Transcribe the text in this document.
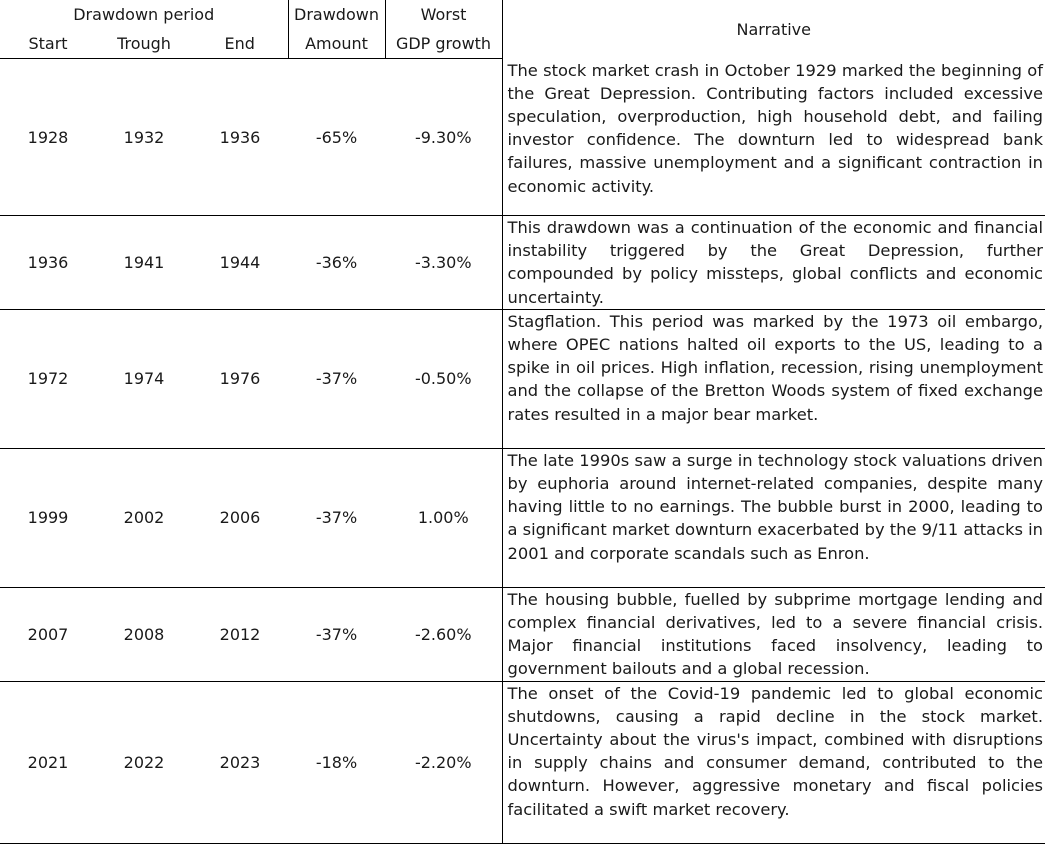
Drawdown period			Drawdown	Worst	Narrative
Start	Trough	End	Amount	GDP growth	
1928	1932	1936	-65%	-9.30%	The stock market crash in October 1929 marked the beginning of the Great Depression. Contributing factors included excessive speculation, overproduction, high household debt, and failing investor confidence. The downturn led to widespread bank failures, massive unemployment and a significant contraction in economic activity.
1936	1941	1944	-36%	-3.30%	This drawdown was a continuation of the economic and financial instability triggered by the Great Depression, further compounded by policy missteps, global conflicts and economic uncertainty.
1972	1974	1976	-37%	-0.50%	Stagflation. This period was marked by the 1973 oil embargo, where OPEC nations halted oil exports to the US, leading to a spike in oil prices. High inflation, recession, rising unemployment and the collapse of the Bretton Woods system of fixed exchange rates resulted in a major bear market.
1999	2002	2006	-37%	1.00%	The late 1990s saw a surge in technology stock valuations driven by euphoria around internet-related companies, despite many having little to no earnings. The bubble burst in 2000, leading to a significant market downturn exacerbated by the 9/11 attacks in 2001 and corporate scandals such as Enron.
2007	2008	2012	-37%	-2.60%	The housing bubble, fuelled by subprime mortgage lending and complex financial derivatives, led to a severe financial crisis. Major financial institutions faced insolvency, leading to government bailouts and a global recession.
2021	2022	2023	-18%	-2.20%	The onset of the Covid-19 pandemic led to global economic shutdowns, causing a rapid decline in the stock market. Uncertainty about the virus's impact, combined with disruptions in supply chains and consumer demand, contributed to the downturn. However, aggressive monetary and fiscal policies facilitated a swift market recovery.
